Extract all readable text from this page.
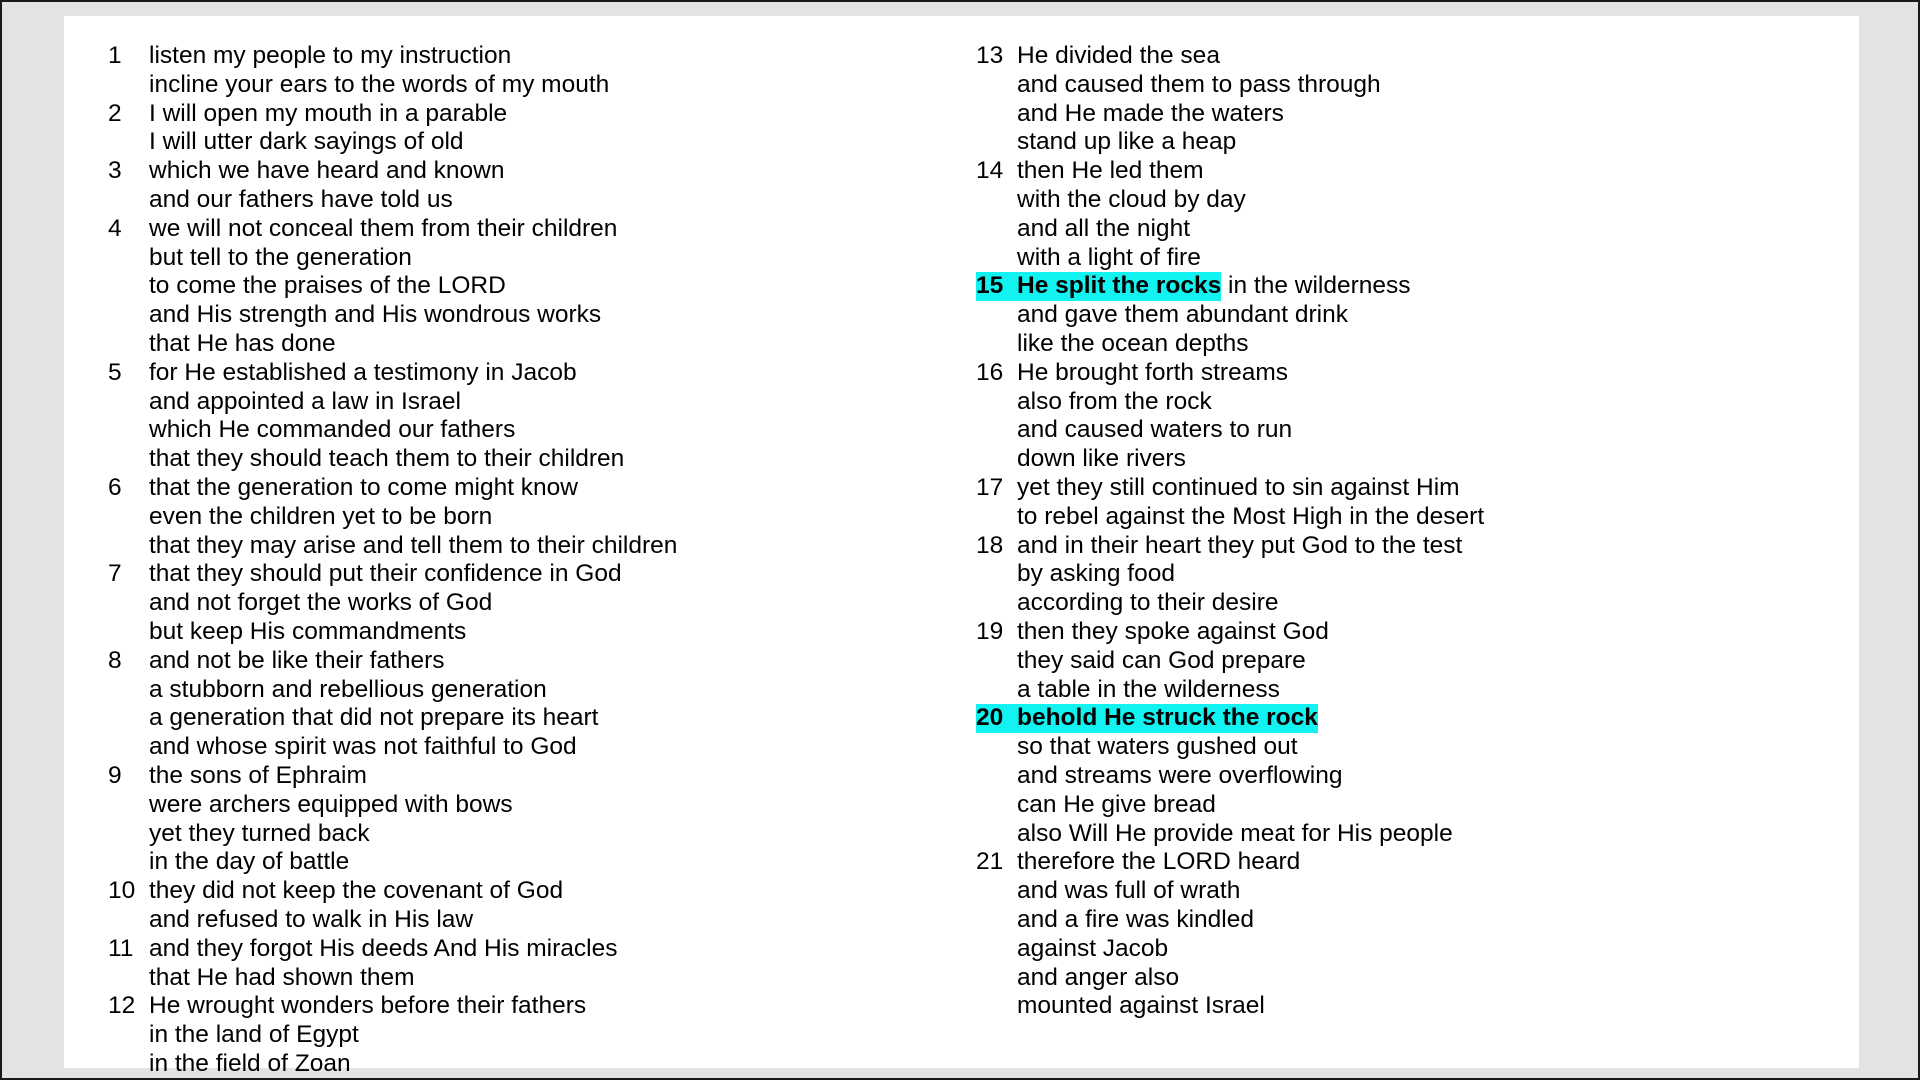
1	listen my people to my instruction
incline your ears to the words of my mouth
2	I will open my mouth in a parable
I will utter dark sayings of old
3	which we have heard and known
and our fathers have told us
4	we will not conceal them from their children
but tell to the generation
to come the praises of the LORD
and His strength and His wondrous works
that He has done
5	for He established a testimony in Jacob
and appointed a law in Israel
which He commanded our fathers
that they should teach them to their children
6	that the generation to come might know
even the children yet to be born
that they may arise and tell them to their children
7	that they should put their confidence in God
and not forget the works of God
but keep His commandments
8	and not be like their fathers
a stubborn and rebellious generation
a generation that did not prepare its heart
and whose spirit was not faithful to God
9	the sons of Ephraim
were archers equipped with bows
yet they turned back
in the day of battle
10 they did not keep the covenant of God
and refused to walk in His law
11 and they forgot His deeds And His miracles
that He had shown them
12 He wrought wonders before their fathers
in the land of Egypt
in the field of Zoan
13 He divided the sea
and caused them to pass through
and He made the waters
stand up like a heap
14 then He led them
with the cloud by day
and all the night
with a light of fire
15 He split the rocks in the wilderness
and gave them abundant drink
like the ocean depths
16 He brought forth streams
also from the rock
and caused waters to run
down like rivers
17 yet they still continued to sin against Him
to rebel against the Most High in the desert
18 and in their heart they put God to the test
by asking food
according to their desire
19 then they spoke against God
they said can God prepare
a table in the wilderness
20 behold He struck the rock
so that waters gushed out
and streams were overflowing
can He give bread
also Will He provide meat for His people
21 therefore the LORD heard
and was full of wrath
and a fire was kindled
against Jacob
and anger also
mounted against Israel
